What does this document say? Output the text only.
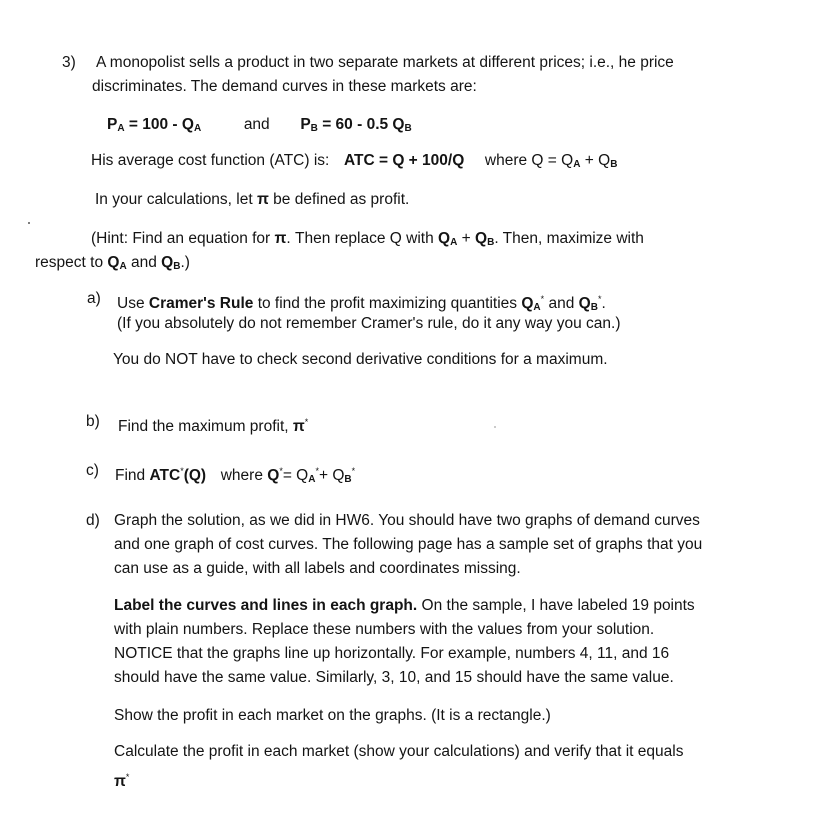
3) A monopolist sells a product in two separate markets at different prices; i.e., he price
discriminates. The demand curves in these markets are:
$P_A = 100 - Q_A$	and $P_B = 60 - 0.5$ $Q_B$
His average cost function (ATC) is: ATC = Q + 100/Q where $Q = Q_A + Q_B$
In your calculations, let π be defined as profit.
(Hint: Find an equation for π. Then replace Q with $Q_A + Q_B$. Then, maximize with
respect to $Q_A$ and $Q_B$.)
a) Use Cramer's Rule to find the profit maximizing quantities $Q_A^*$ and $Q_B^*$.
(If you absolutely do not remember Cramer's rule, do it any way you can.)
You do NOT have to check second derivative conditions for a maximum.
b) Find the maximum profit, π*
c) Find ATC*(Q) where $Q^*= Q_A^*+ Q_B^*$
d) Graph the solution, as we did in HW6. You should have two graphs of demand curves
and one graph of cost curves. The following page has a sample set of graphs that you
can use as a guide, with all labels and coordinates missing.
Label the curves and lines in each graph. On the sample, I have labeled 19 points
with plain numbers. Replace these numbers with the values from your solution.
NOTICE that the graphs line up horizontally. For example, numbers 4, 11, and 16
should have the same value. Similarly, 3, 10, and 15 should have the same value.
Show the profit in each market on the graphs. (It is a rectangle.)
Calculate the profit in each market (show your calculations) and verify that it equals
π*
